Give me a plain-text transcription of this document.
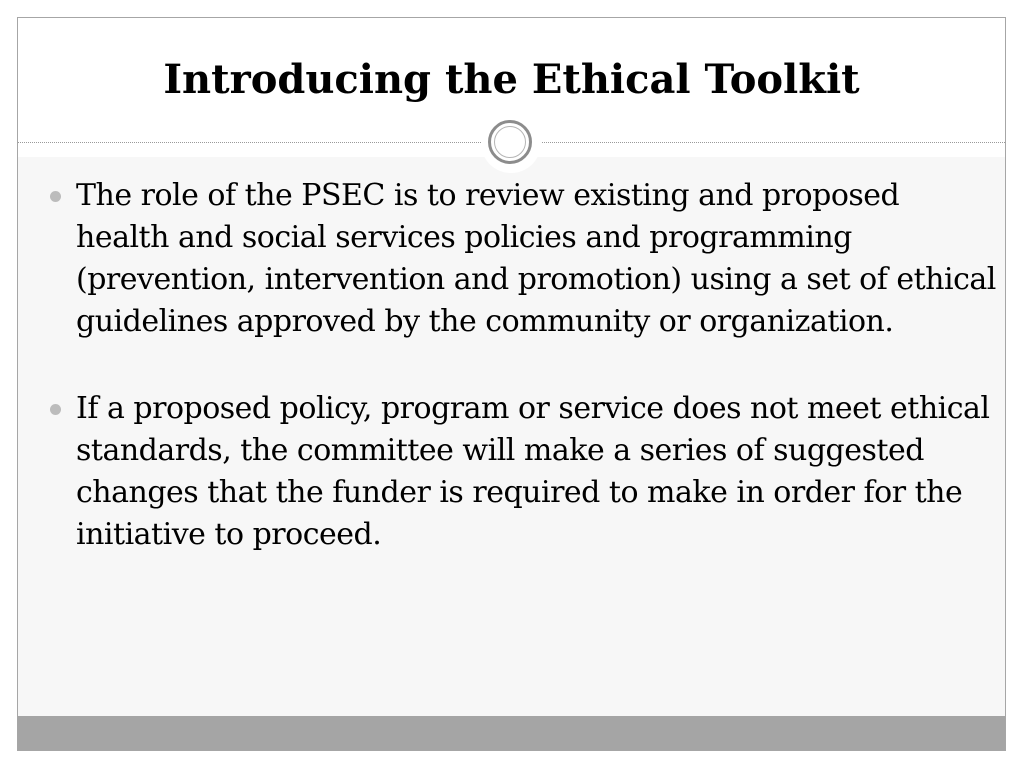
Introducing the Ethical Toolkit
The role of the PSEC is to review existing and proposed health and social services policies and programming (prevention, intervention and promotion) using a set of ethical guidelines approved by the community or organization.
If a proposed policy, program or service does not meet ethical standards, the committee will make a series of suggested changes that the funder is required to make in order for the initiative to proceed.
